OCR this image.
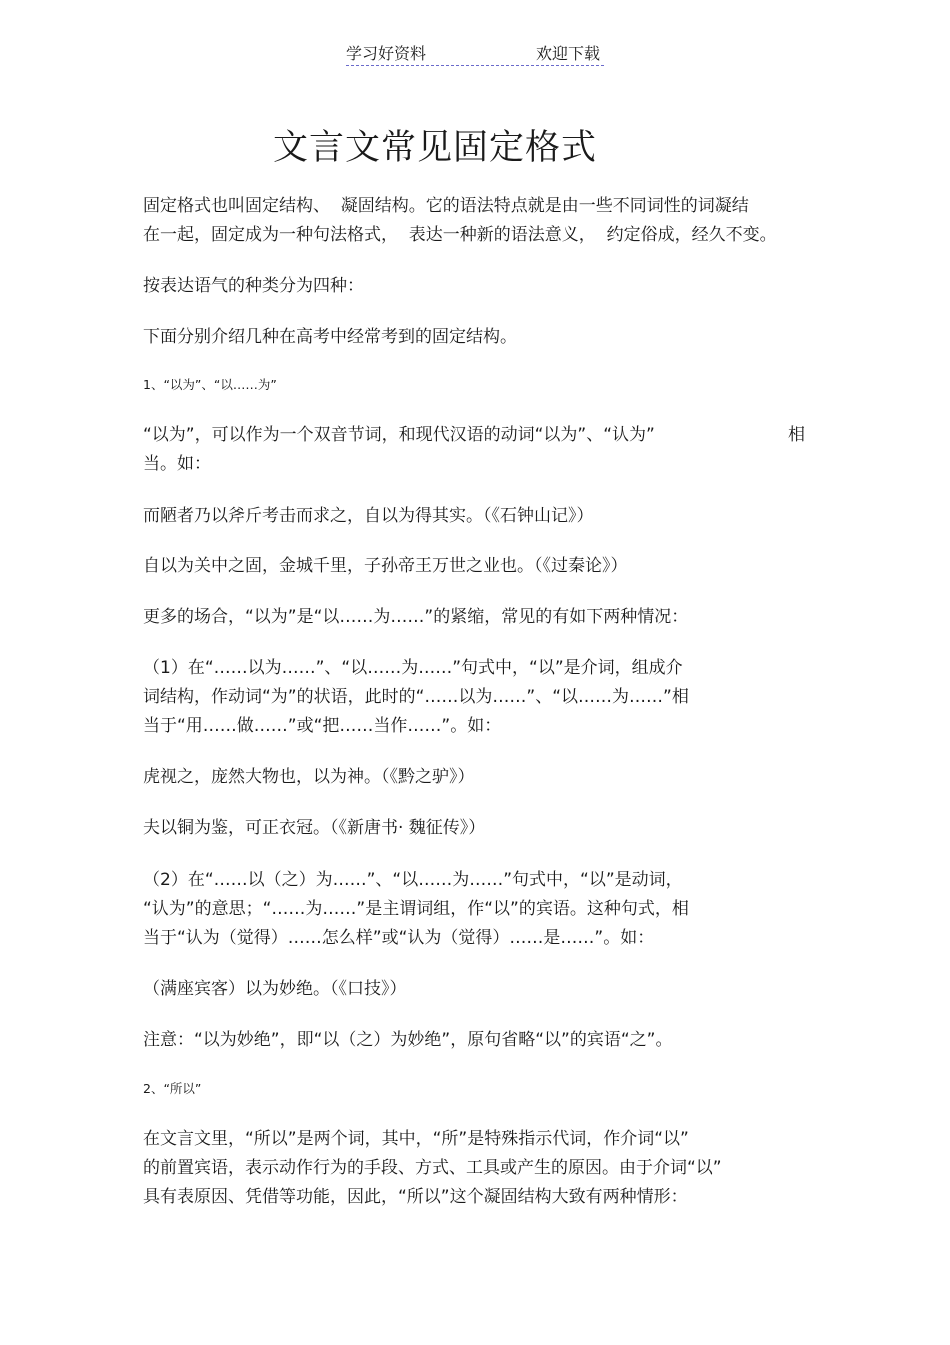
学习好资料	欢迎下载
文言文常见固定格式
固定格式也叫固定结构、  凝固结构。它的语法特点就是由一些不同词性的词凝结
在一起，固定成为一种句法格式，  表达一种新的语法意义，  约定俗成，经久不变。
按表达语气的种类分为四种：
下面分别介绍几种在高考中经常考到的固定结构。
1、“以为”、“以……为”
“以为”，可以作为一个双音节词，和现代汉语的动词“以为”、“认为”	相
当。如：
而陋者乃以斧斤考击而求之，自以为得其实。（《石钟山记》）
自以为关中之固，金城千里，子孙帝王万世之业也。（《过秦论》）
更多的场合，“以为”是“以……为……”的紧缩，常见的有如下两种情况：
（1）在“……以为……”、“以……为……”句式中，“以”是介词，组成介
词结构，作动词“为”的状语，此时的“……以为……”、“以……为……”相
当于“用……做……”或“把……当作……”。如：
虎视之，庞然大物也，以为神。（《黔之驴》）
夫以铜为鉴，可正衣冠。（《新唐书· 魏征传》）
（2）在“……以（之）为……”、“以……为……”句式中，“以”是动词，
“认为”的意思；“……为……”是主谓词组，作“以”的宾语。这种句式，相
当于“认为（觉得）……怎么样”或“认为（觉得）……是……”。如：
（满座宾客）以为妙绝。（《口技》）
注意：“以为妙绝”，即“以（之）为妙绝”，原句省略“以”的宾语“之”。
2、“所以”
在文言文里，“所以”是两个词，其中，“所”是特殊指示代词，作介词“以”
的前置宾语，表示动作行为的手段、方式、工具或产生的原因。由于介词“以”
具有表原因、凭借等功能，因此，“所以”这个凝固结构大致有两种情形：
